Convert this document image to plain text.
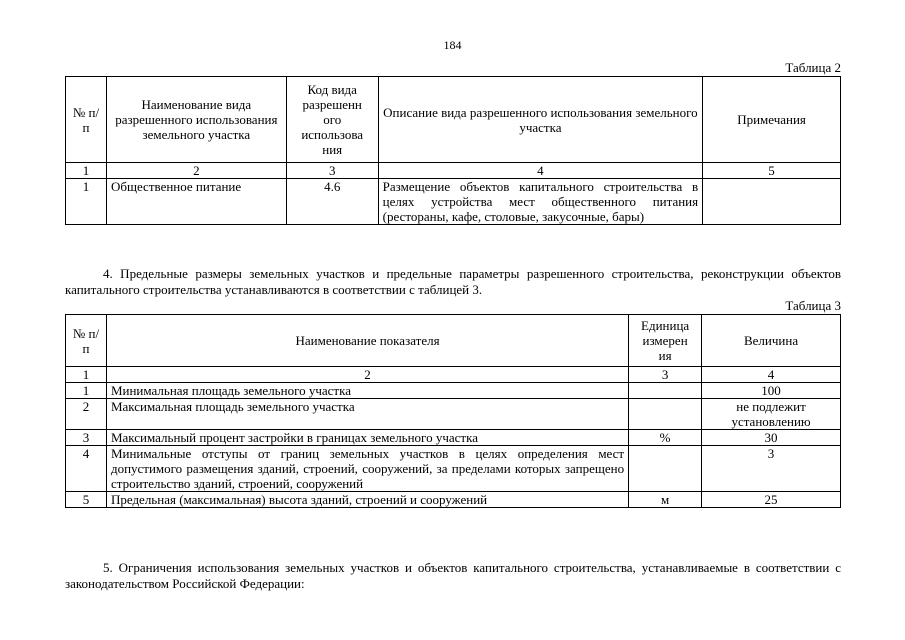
184
Таблица 2
№ п/п	Наименование вида разрешенного использования земельного участка	Код вида
разрешенн
ого
использова
ния	Описание вида разрешенного использования земельного участка	Примечания
1	2	3	4	5
1	Общественное питание	4.6	Размещение объектов капитального строительства в целях устройства мест общественного питания (рестораны, кафе, столовые, закусочные, бары)	
4. Предельные размеры земельных участков и предельные параметры разрешенного строительства, реконструкции объектов капитального строительства устанавливаются в соответствии с таблицей 3.
Таблица 3
№ п/п	Наименование показателя	Единица
измерен
ия	Величина
1	2	3	4
1	Минимальная площадь земельного участка		100
2	Максимальная площадь земельного участка		не подлежит установлению
3	Максимальный процент застройки в границах земельного участка	%	30
4	Минимальные отступы от границ земельных участков в целях определения мест допустимого размещения зданий, строений, сооружений, за пределами которых запрещено строительство зданий, строений, сооружений		3
5	Предельная (максимальная) высота зданий, строений и сооружений	м	25
5. Ограничения использования земельных участков и объектов капитального строительства, устанавливаемые в соответствии с законодательством Российской Федерации:
